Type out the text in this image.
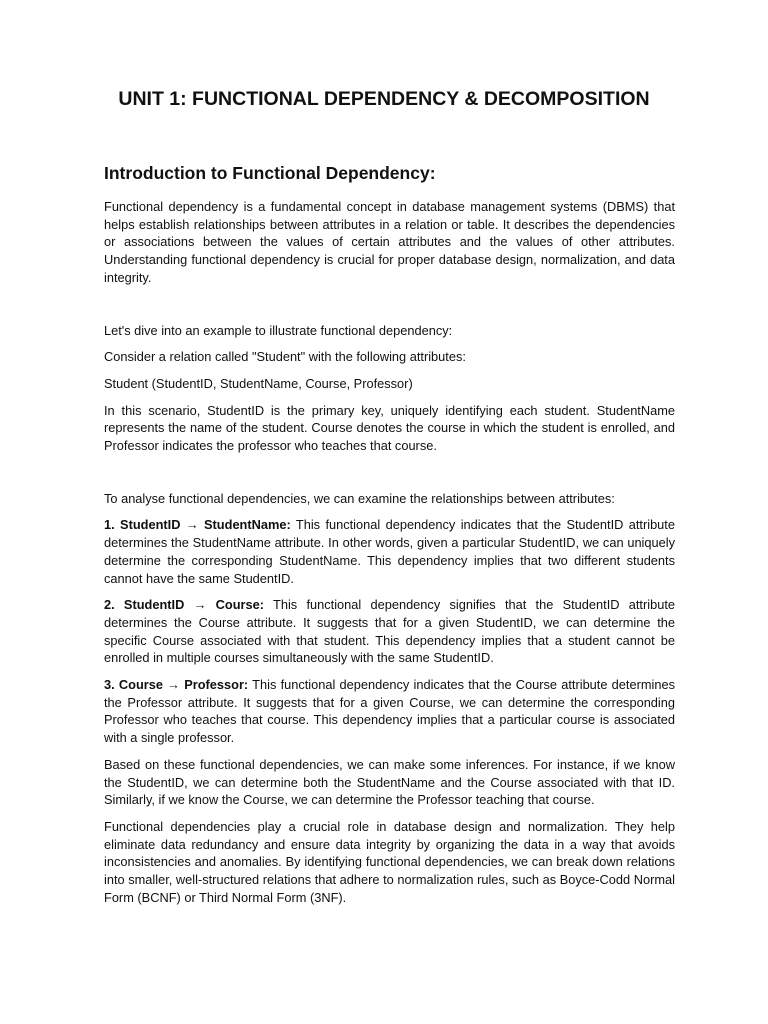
UNIT 1: FUNCTIONAL DEPENDENCY & DECOMPOSITION
Introduction to Functional Dependency:

Functional dependency is a fundamental concept in database management systems (DBMS) that helps establish relationships between attributes in a relation or table. It describes the dependencies or associations between the values of certain attributes and the values of other attributes. Understanding functional dependency is crucial for proper database design, normalization, and data integrity.

Let's dive into an example to illustrate functional dependency:

Consider a relation called "Student" with the following attributes:

Student (StudentID, StudentName, Course, Professor)

In this scenario, StudentID is the primary key, uniquely identifying each student. StudentName represents the name of the student. Course denotes the course in which the student is enrolled, and Professor indicates the professor who teaches that course.

To analyse functional dependencies, we can examine the relationships between attributes:

1. StudentID → StudentName: This functional dependency indicates that the StudentID attribute determines the StudentName attribute. In other words, given a particular StudentID, we can uniquely determine the corresponding StudentName. This dependency implies that two different students cannot have the same StudentID.

2. StudentID → Course: This functional dependency signifies that the StudentID attribute determines the Course attribute. It suggests that for a given StudentID, we can determine the specific Course associated with that student. This dependency implies that a student cannot be enrolled in multiple courses simultaneously with the same StudentID.

3. Course → Professor: This functional dependency indicates that the Course attribute determines the Professor attribute. It suggests that for a given Course, we can determine the corresponding Professor who teaches that course. This dependency implies that a particular course is associated with a single professor.

Based on these functional dependencies, we can make some inferences. For instance, if we know the StudentID, we can determine both the StudentName and the Course associated with that ID. Similarly, if we know the Course, we can determine the Professor teaching that course.

Functional dependencies play a crucial role in database design and normalization. They help eliminate data redundancy and ensure data integrity by organizing the data in a way that avoids inconsistencies and anomalies. By identifying functional dependencies, we can break down relations into smaller, well-structured relations that adhere to normalization rules, such as Boyce-Codd Normal Form (BCNF) or Third Normal Form (3NF).
